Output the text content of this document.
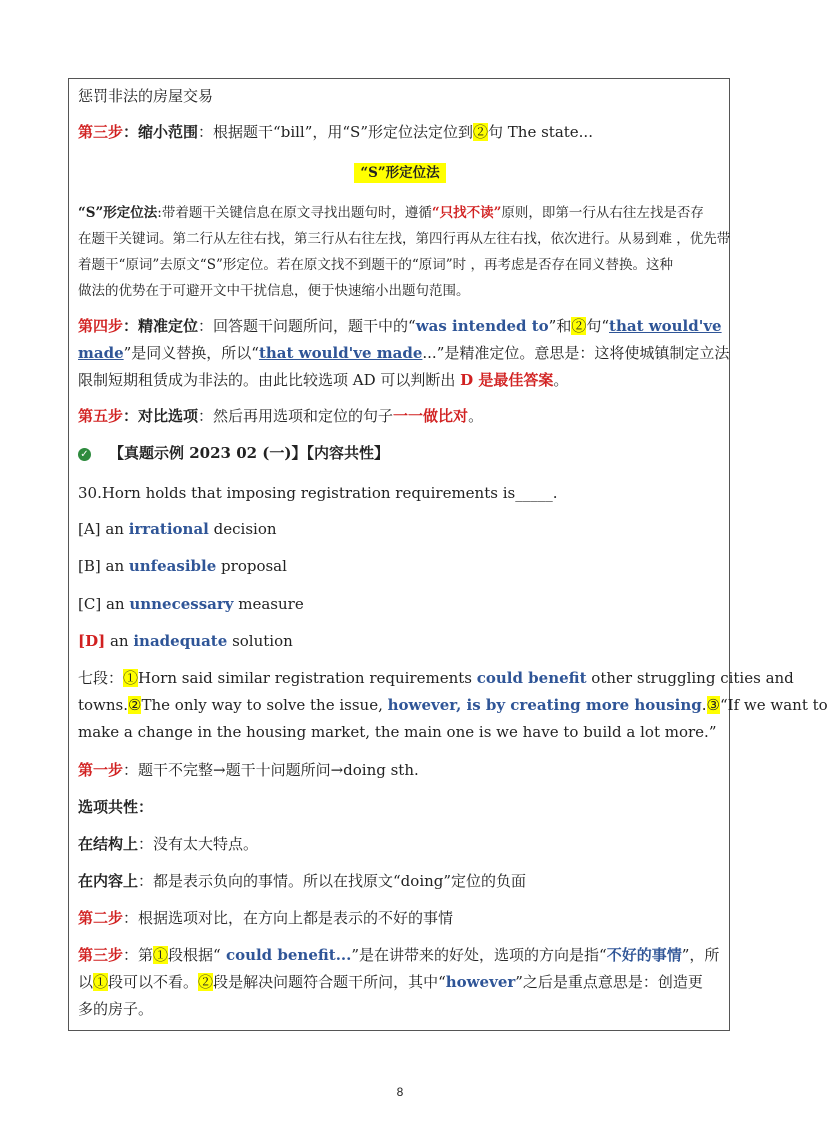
惩罚非法的房屋交易
第三步：缩小范围：根据题干“bill”，用“S”形定位法定位到②句 The state...
“S”形定位法
“S”形定位法:带着题干关键信息在原文寻找出题句时，遵循“只找不读”原则，即第一行从右往左找是否存
在题干关键词。第二行从左往右找，第三行从右往左找，第四行再从左往右找，依次进行。从易到难 ，优先带
着题干“原词”去原文“S”形定位。若在原文找不到题干的“原词”时 ，再考虑是否存在同义替换。这种
做法的优势在于可避开文中干扰信息，便于快速缩小出题句范围。
第四步：精准定位：回答题干问题所问，题干中的“was intended to”和②句“that would've
made”是同义替换，所以“that would've made...”是精准定位。意思是：这将使城镇制定立法
限制短期租赁成为非法的。由此比较选项 AD 可以判断出 D 是最佳答案。
第五步：对比选项：然后再用选项和定位的句子一一做比对。
✓ 【真题示例 2023 02 (一)】【内容共性】
30.Horn holds that imposing registration requirements is_____.
[A] an irrational decision
[B] an unfeasible proposal
[C] an unnecessary measure
[D] an inadequate solution
七段：①Horn said similar registration requirements could benefit other struggling cities and
towns.②The only way to solve the issue, however, is by creating more housing.③“If we want to
make a change in the housing market, the main one is we have to build a lot more.”
第一步：题干不完整→题干十问题所问→doing sth.
选项共性：
在结构上：没有太大特点。
在内容上：都是表示负向的事情。所以在找原文“doing”定位的负面
第二步：根据选项对比，在方向上都是表示的不好的事情
第三步：第①段根据“ could benefit...”是在讲带来的好处，选项的方向是指“不好的事情”，所
以①段可以不看。②段是解决问题符合题干所问，其中“however”之后是重点意思是：创造更
多的房子。
8
